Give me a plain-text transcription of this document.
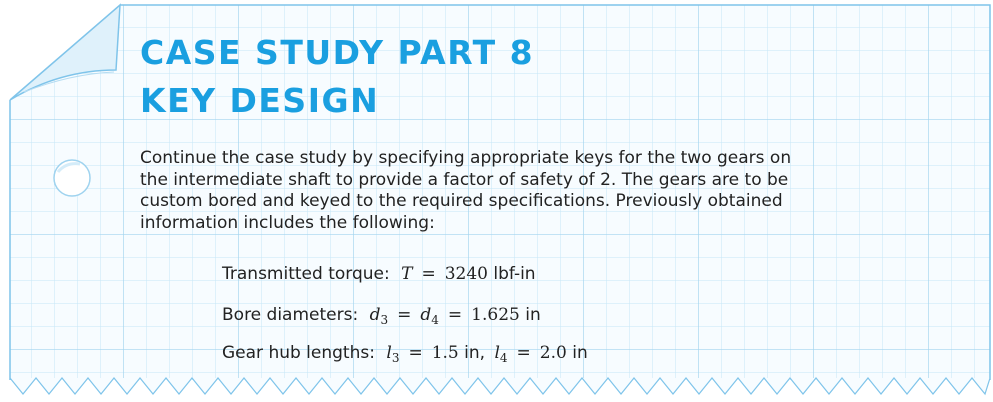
CASE STUDY PART 8
KEY DESIGN

Continue the case study by specifying appropriate keys for the two gears on
the intermediate shaft to provide a factor of safety of 2. The gears are to be
custom bored and keyed to the required specifications. Previously obtained
information includes the following:

Transmitted torque: T = 3240 lbf-in
Bore diameters: $d_3 = d_4 = 1.625$ in
Gear hub lengths: $l_3 = 1.5$ in, $l_4 = 2.0$ in
